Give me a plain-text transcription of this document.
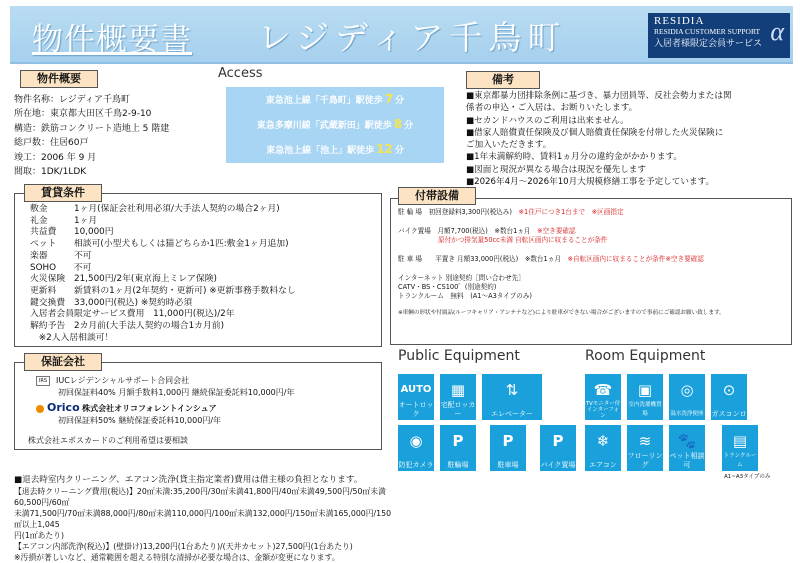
物件概要書 レジディア千鳥町	RESIDIA
RESIDIA CUSTOMER SUPPORT
入居者様限定会員サービス α
物件概要
物件名称：レジディア千鳥町
所在地：東京都大田区千鳥2-9-10
構造：鉄筋コンクリート造地上 5 階建
総戸数：住居60戸
竣工：2006 年 9 月
間取：1DK/1LDK
Access
東急池上線「千鳥町」駅徒歩 7 分
東急多摩川線「武蔵新田」駅徒歩 8 分
東急池上線「池上」駅徒歩 12 分
備考
■東京都暴力団排除条例に基づき、暴力団員等、反社会勢力または関
係者の申込・ご入居は、お断りいたします。
■セカンドハウスのご利用は出来ません。
■借家人賠償責任保険及び個人賠償責任保険を付帯した火災保険に
ご加入いただきます。
■1年未満解約時、賃料1ヵ月分の違約金がかかります。
■図面と現況が異なる場合は現況を優先します
■2026年4月～2026年10月大規模修繕工事を予定しています。
賃貸条件
敷金　　　1ヶ月(保証会社利用必須/大手法人契約の場合2ヶ月)
礼金　　　1ヶ月
共益費　　10,000円
ペット　　相談可(小型犬もしくは猫どちらか1匹:敷金1ヶ月追加)
楽器　　　不可
SOHO　　不可
火災保険　21,500円/2年(東京海上ミレア保険)
更新料　　新賃料の1ヶ月(2年契約・更新可) ※更新事務手数料なし
鍵交換費　33,000円(税込) ※契約時必須
入居者会員限定サービス費用　11,000円(税込)/2年
解約予告　2カ月前(大手法人契約の場合1カ月前)
　※2人入居相談可！
付帯設備
駐 輪 場　初回登録料3,300円(税込み)　 ※1住戸につき1台まで　※区画指定
バイク置場　月額7,700(税込)　※数台1ヵ月　 ※空き要確認
原付かつ排気量50cc未満 自転区画内に収まることが条件
駐 車 場　　平置き 月額33,000円(税込)　※数台1ヵ月　 ※自転区画内に収まることが条件※空き要確認
インターネット 別途契約［問い合わせ先］
CATV・BS・CS100゜(別途契約)
トランクルーム　無料　(A1～A3タイプのみ)
※車輌の形状や付属品(ルーフキャリア・アンテナなど)により駐車ができない場合がございますので事前にご確認お願い致します。
保証会社
IRS IUCレジデンシャルサポート合同会社
初回保証料40% 月額手数料1,000円 継続保証委託料10,000円/年
Orico 株式会社オリコフォレントインシュア
初回保証料50% 継続保証委託料10,000円/年
株式会社エポスカードのご利用希望は要相談
Public Equipment	Room Equipment
AUTO
オートロック
▦
宅配ロッカー
⇅
エレベーター
◉
防犯カメラ
P
駐輪場
P
駐車場
P
バイク置場
☎
TVモニター付インターフォン
▣
室内洗濯機置場
◎
温水洗浄便座
⊙
ガスコンロ
❄
エアコン
≋
フローリング
🐾
ペット相談可
▤
トランクルーム
A1~A3タイプのみ
■退去時室内クリーニング、エアコン洗浄(貸主指定業者)費用は借主様の負担となります。
【退去時クリーニング費用(税込)】20㎡未満:35,200円/30㎡未満41,800円/40㎡未満49,500円/50㎡未満60,500円/60㎡
未満71,500円/70㎡未満88,000円/80㎡未満110,000円/100㎡未満132,000円/150㎡未満165,000円/150㎡以上1,045
円(1㎡あたり)
【エアコン内部洗浄(税込)】(壁掛け)13,200円(1台あたり)/(天井カセット)27,500円(1台あたり)
※汚損が著しいなど、通常範囲を超える特別な清掃が必要な場合は、金額が変更になります。
